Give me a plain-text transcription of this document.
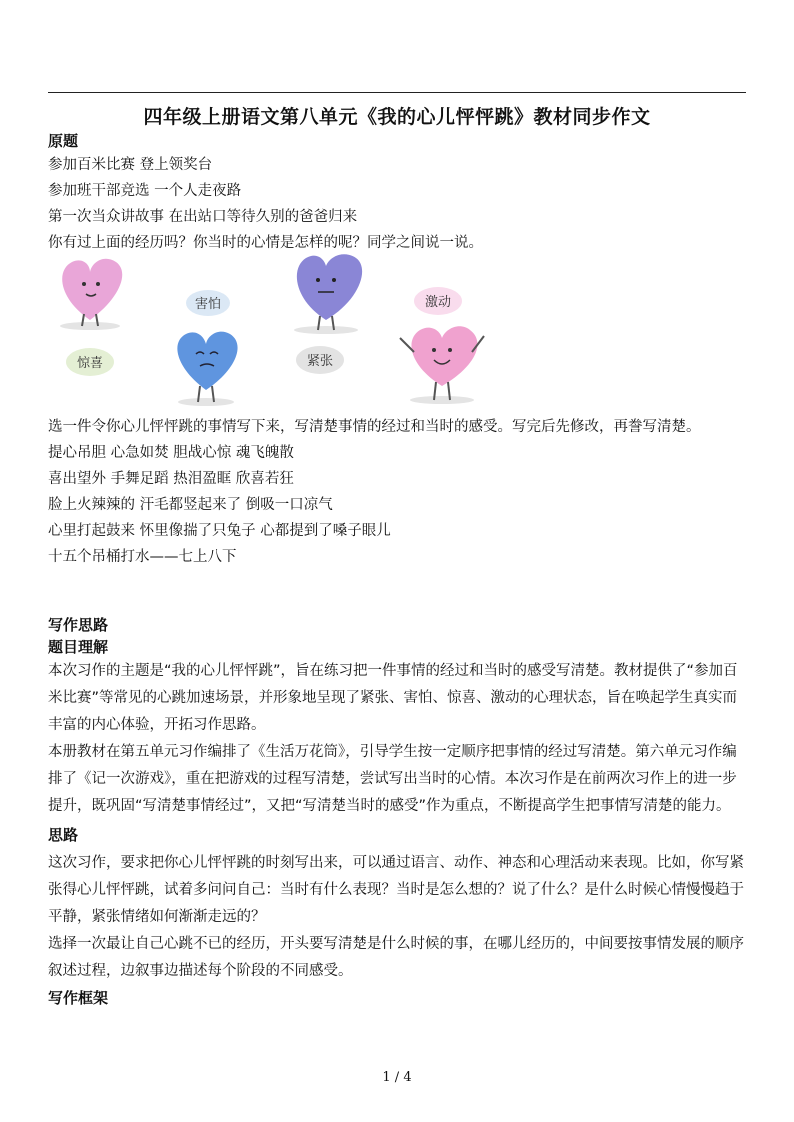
四年级上册语文第八单元《我的心儿怦怦跳》教材同步作文
原题

参加百米比赛 登上领奖台

参加班干部竞选 一个人走夜路

第一次当众讲故事 在出站口等待久别的爸爸归来

你有过上面的经历吗？你当时的心情是怎样的呢？同学之间说一说。

害怕
惊喜	紧张
激动

选一件令你心儿怦怦跳的事情写下来，写清楚事情的经过和当时的感受。写完后先修改，再誊写清楚。

提心吊胆 心急如焚 胆战心惊 魂飞魄散

喜出望外 手舞足蹈 热泪盈眶 欣喜若狂

脸上火辣辣的 汗毛都竖起来了 倒吸一口凉气

心里打起鼓来 怀里像揣了只兔子 心都提到了嗓子眼儿

十五个吊桶打水——七上八下

写作思路
题目理解

本次习作的主题是“我的心儿怦怦跳”，旨在练习把一件事情的经过和当时的感受写清楚。教材提供了“参加百米比赛”等常见的心跳加速场景，并形象地呈现了紧张、害怕、惊喜、激动的心理状态，旨在唤起学生真实而丰富的内心体验，开拓习作思路。

本册教材在第五单元习作编排了《生活万花筒》，引导学生按一定顺序把事情的经过写清楚。第六单元习作编排了《记一次游戏》，重在把游戏的过程写清楚，尝试写出当时的心情。本次习作是在前两次习作上的进一步提升，既巩固“写清楚事情经过”，又把“写清楚当时的感受”作为重点，不断提高学生把事情写清楚的能力。

思路

这次习作，要求把你心儿怦怦跳的时刻写出来，可以通过语言、动作、神态和心理活动来表现。比如，你写紧张得心儿怦怦跳，试着多问问自己：当时有什么表现？当时是怎么想的？说了什么？是什么时候心情慢慢趋于平静，紧张情绪如何渐渐走远的？

选择一次最让自己心跳不已的经历，开头要写清楚是什么时候的事，在哪儿经历的，中间要按事情发展的顺序叙述过程，边叙事边描述每个阶段的不同感受。

写作框架
1 / 4
